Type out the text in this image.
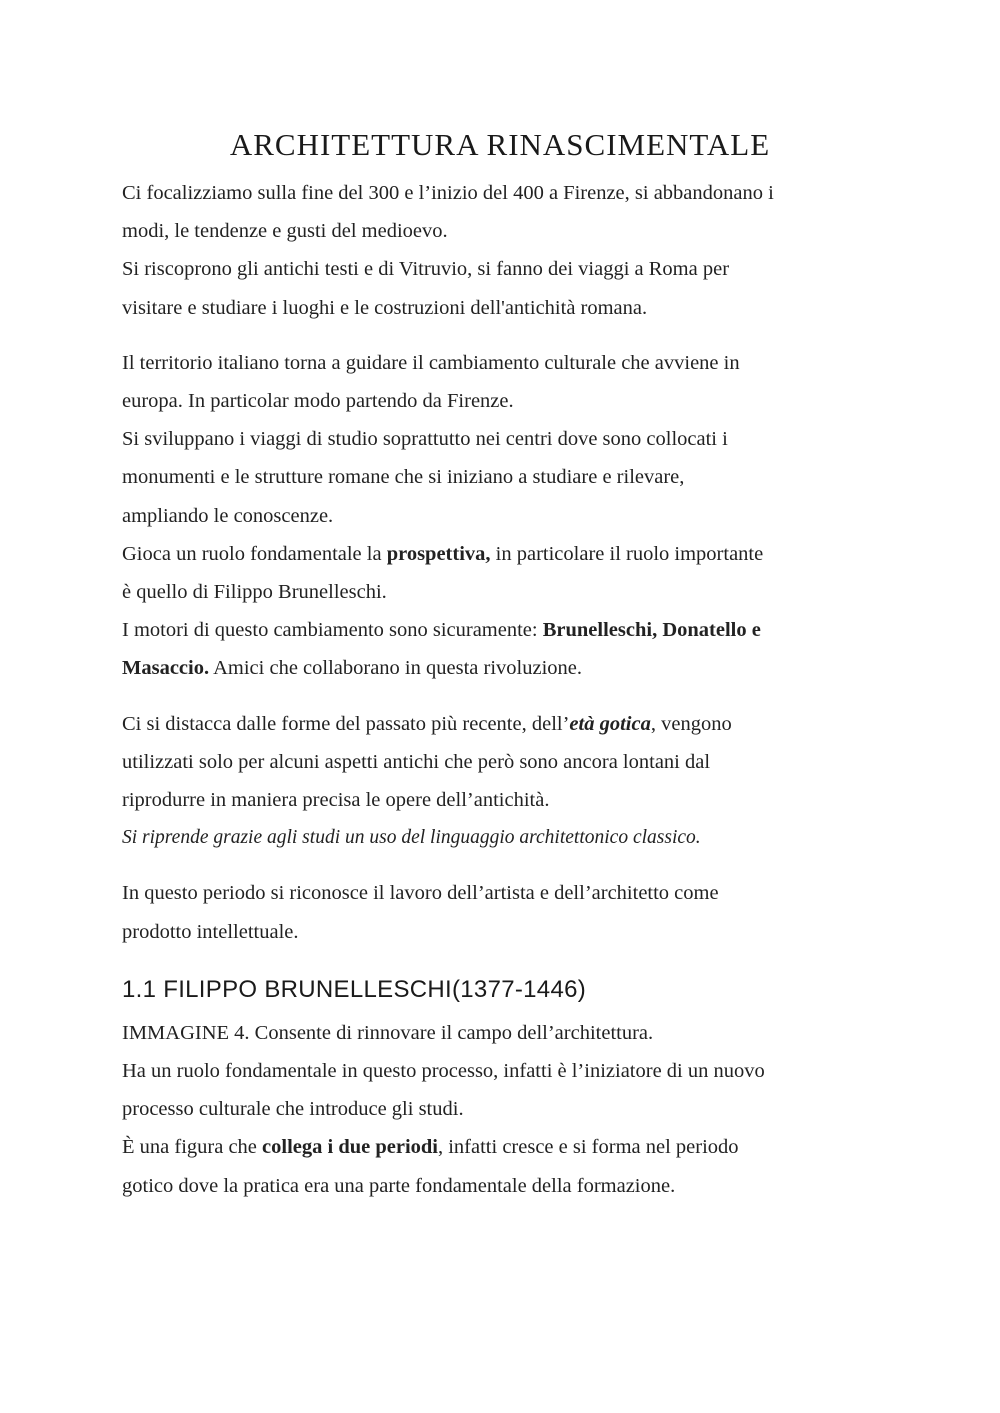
ARCHITETTURA RINASCIMENTALE

Ci focalizziamo sulla fine del 300 e l’inizio del 400 a Firenze, si abbandonano i
modi, le tendenze e gusti del medioevo.
Si riscoprono gli antichi testi e di Vitruvio, si fanno dei viaggi a Roma per
visitare e studiare i luoghi e le costruzioni dell'antichità romana.

Il territorio italiano torna a guidare il cambiamento culturale che avviene in
europa. In particolar modo partendo da Firenze.
Si sviluppano i viaggi di studio soprattutto nei centri dove sono collocati i
monumenti e le strutture romane che si iniziano a studiare e rilevare,
ampliando le conoscenze.
Gioca un ruolo fondamentale la prospettiva, in particolare il ruolo importante
è quello di Filippo Brunelleschi.
I motori di questo cambiamento sono sicuramente: Brunelleschi, Donatello e
Masaccio. Amici che collaborano in questa rivoluzione.

Ci si distacca dalle forme del passato più recente, dell’età gotica, vengono
utilizzati solo per alcuni aspetti antichi che però sono ancora lontani dal
riprodurre in maniera precisa le opere dell’antichità.
Si riprende grazie agli studi un uso del linguaggio architettonico classico.

In questo periodo si riconosce il lavoro dell’artista e dell’architetto come
prodotto intellettuale.

1.1 FILIPPO BRUNELLESCHI(1377-1446)

IMMAGINE 4. Consente di rinnovare il campo dell’architettura.
Ha un ruolo fondamentale in questo processo, infatti è l’iniziatore di un nuovo
processo culturale che introduce gli studi.
È una figura che collega i due periodi, infatti cresce e si forma nel periodo
gotico dove la pratica era una parte fondamentale della formazione.
